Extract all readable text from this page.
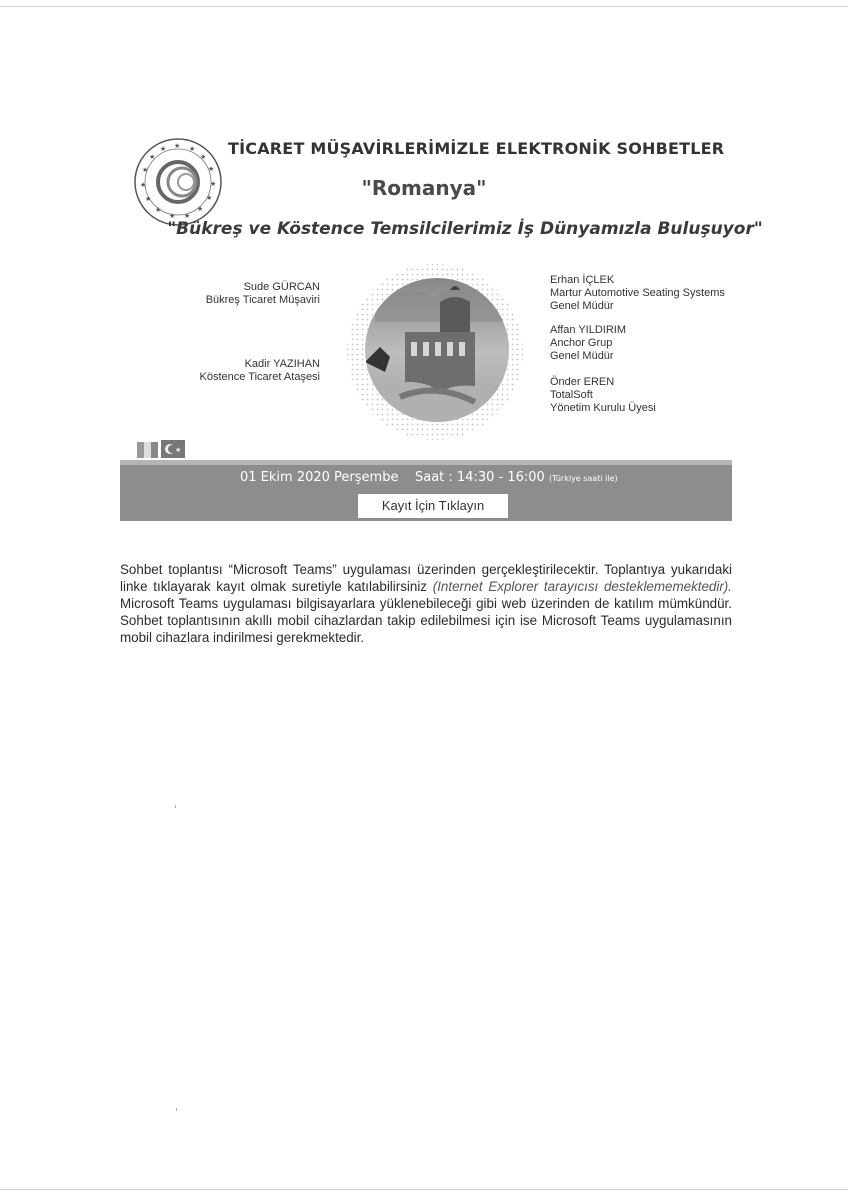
★ ★
★
★
★
★
★
★
★
★
★
★
★
★
★	TİCARET MÜŞAVİRLERİMİZLE ELEKTRONİK SOHBETLER
"Romanya"
"Bükreş ve Köstence Temsilcilerimiz İş Dünyamızla Buluşuyor"
Sude GÜRCAN
Bükreş Ticaret Müşaviri
Kadir YAZIHAN
Köstence Ticaret Ataşesi
Erhan İÇLEK
Martur Automotive Seating Systems
Genel Müdür
Affan YILDIRIM
Anchor Grup
Genel Müdür
Önder EREN
TotalSoft
Yönetim Kurulu Üyesi
★
01 Ekim 2020 Perşembe Saat : 14:30 - 16:00 (Türkiye saati ile)
Kayıt İçin Tıklayın
Sohbet toplantısı “Microsoft Teams” uygulaması üzerinden gerçekleştirilecektir. Toplantıya yukarıdaki linke tıklayarak kayıt olmak suretiyle katılabilirsiniz (Internet Explorer tarayıcısı desteklememektedir). Microsoft Teams uygulaması bilgisayarlara yüklenebileceği gibi web üzerinden de katılım mümkündür. Sohbet toplantısının akıllı mobil cihazlardan takip edilebilmesi için ise Microsoft Teams uygulamasının mobil cihazlara indirilmesi gerekmektedir.
